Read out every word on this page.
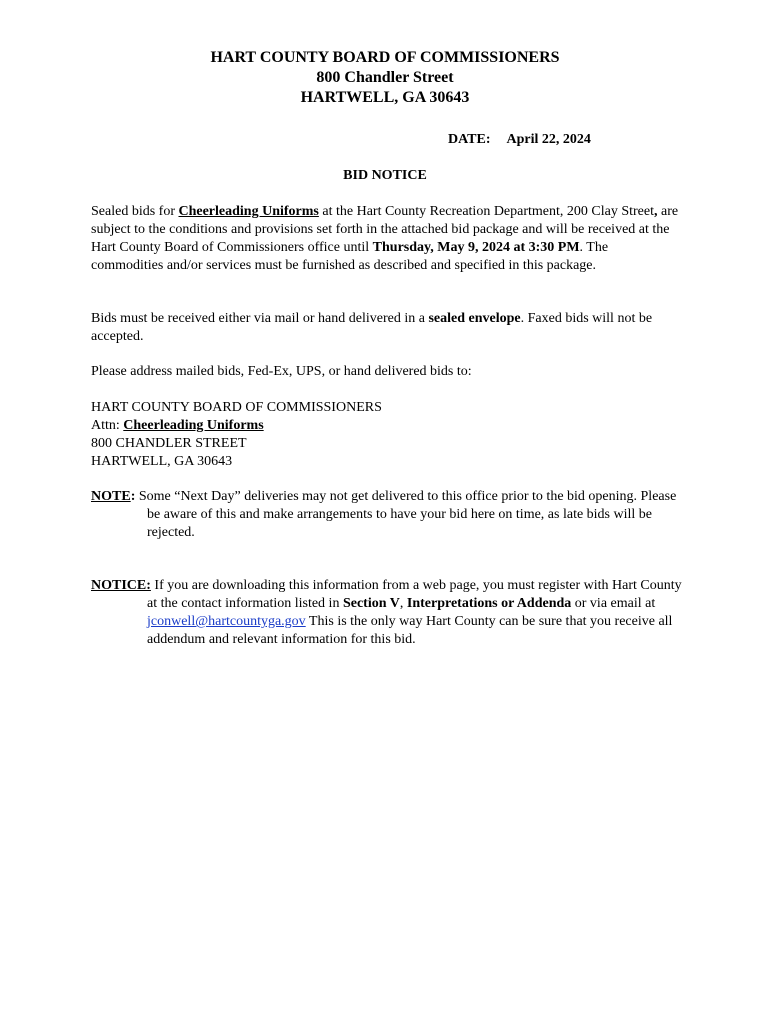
HART COUNTY BOARD OF COMMISSIONERS
800 Chandler Street
HARTWELL, GA 30643
DATE: April 22, 2024
BID NOTICE
Sealed bids for Cheerleading Uniforms at the Hart County Recreation Department, 200 Clay Street, are subject to the conditions and provisions set forth in the attached bid package and will be received at the Hart County Board of Commissioners office until Thursday, May 9, 2024 at 3:30 PM. The commodities and/or services must be furnished as described and specified in this package.
Bids must be received either via mail or hand delivered in a sealed envelope. Faxed bids will not be accepted.
Please address mailed bids, Fed-Ex, UPS, or hand delivered bids to:
HART COUNTY BOARD OF COMMISSIONERS
Attn: Cheerleading Uniforms
800 CHANDLER STREET
HARTWELL, GA 30643
NOTE: Some “Next Day” deliveries may not get delivered to this office prior to the bid opening. Please be aware of this and make arrangements to have your bid here on time, as late bids will be rejected.
NOTICE: If you are downloading this information from a web page, you must register with Hart County at the contact information listed in Section V, Interpretations or Addenda or via email at jconwell@hartcountyga.gov This is the only way Hart County can be sure that you receive all addendum and relevant information for this bid.
